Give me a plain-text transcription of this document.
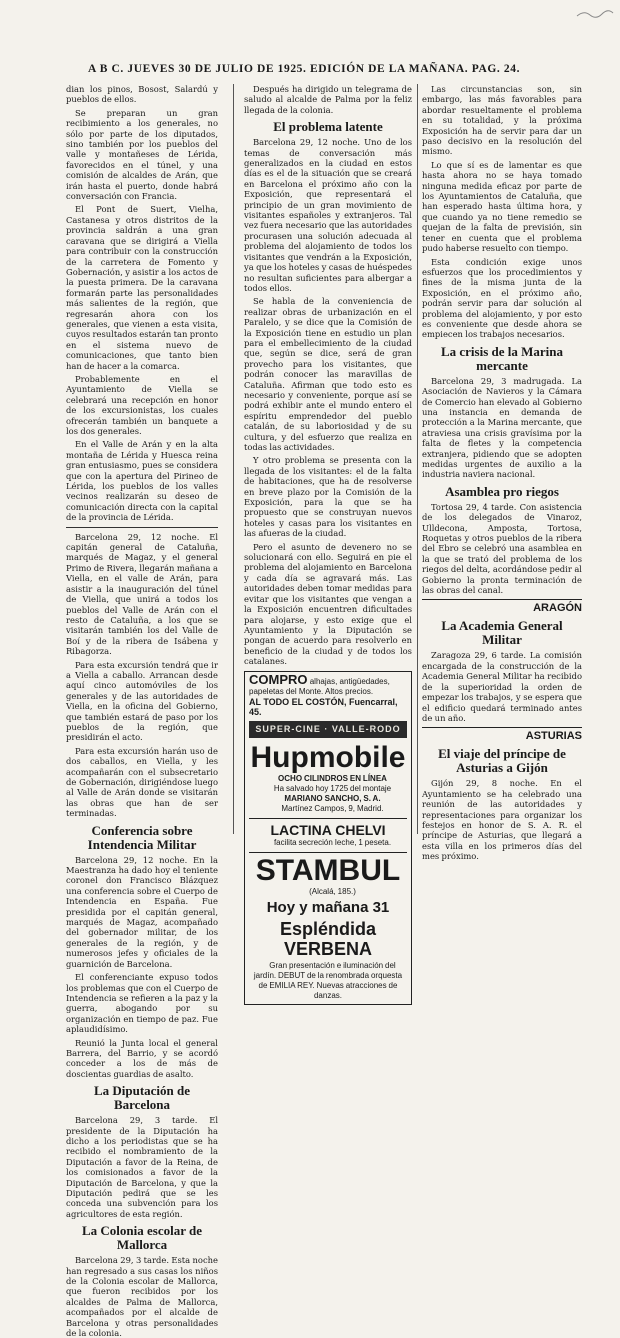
A B C. JUEVES 30 DE JULIO DE 1925. EDICIÓN DE LA MAÑANA. PAG. 24.

dian los pinos, Bosost, Salardú y pueblos de ellos.

Se preparan un gran recibimiento a los generales, no sólo por parte de los diputados, sino también por los pueblos del valle y montañeses de Lérida, favorecidos en el túnel, y una comisión de alcaldes de Arán, que irán hasta el puerto, donde habrá conversación con Francia.

El Pont de Suert, Vielha, Castanesa y otros distritos de la provincia saldrán a una gran caravana que se dirigirá a Viella para contribuir con la construcción de la carretera de Fomento y Gobernación, y asistir a los actos de la puesta primera. De la caravana formarán parte las personalidades más salientes de la región, que regresarán ahora con los generales, que vienen a esta visita, cuyos resultados estarán tan pronto en el sistema nuevo de comunicaciones, que tanto bien han de hacer a la comarca.

Probablemente en el Ayuntamiento de Viella se celebrará una recepción en honor de los excursionistas, los cuales ofrecerán también un banquete a los dos generales.

En el Valle de Arán y en la alta montaña de Lérida y Huesca reina gran entusiasmo, pues se considera que con la apertura del Pirineo de Lérida, los pueblos de los valles vecinos realizarán su deseo de comunicación directa con la capital de la provincia de Lérida.

Barcelona 29, 12 noche. El capitán general de Cataluña, marqués de Magaz, y el general Primo de Rivera, llegarán mañana a Viella, en el valle de Arán, para asistir a la inauguración del túnel de Viella, que unirá a todos los pueblos del Valle de Arán con el resto de Cataluña, a los que se visitarán también los del Valle de Boí y de la ribera de Isábena y Ribagorza.

Para esta excursión tendrá que ir a Viella a caballo. Arrancan desde aquí cinco automóviles de los generales y de las autoridades de Viella, en la oficina del Gobierno, que también estará de paso por los pueblos de la región, que presidirán el acto.

Para esta excursión harán uso de dos caballos, en Viella, y les acompañarán con el subsecretario de Gobernación, dirigiéndose luego al Valle de Arán donde se visitarán las obras que han de ser terminadas.

Conferencia sobre Intendencia Militar

Barcelona 29, 12 noche. En la Maestranza ha dado hoy el teniente coronel don Francisco Blázquez una conferencia sobre el Cuerpo de Intendencia en España. Fue presidida por el capitán general, marqués de Magaz, acompañado del gobernador militar, de los generales de la región, y de numerosos jefes y oficiales de la guarnición de Barcelona.

El conferenciante expuso todos los problemas que con el Cuerpo de Intendencia se refieren a la paz y la guerra, abogando por su organización en tiempo de paz. Fue aplaudidísimo.

Reunió la Junta local el general Barrera, del Barrio, y se acordó conceder a los de más de doscientas guardias de asalto.

La Diputación de Barcelona

Barcelona 29, 3 tarde. El presidente de la Diputación ha dicho a los periodistas que se ha recibido el nombramiento de la Diputación a favor de la Reina, de los comisionados a favor de la Diputación de Barcelona, y que la Diputación pedirá que se les conceda una subvención para los agricultores de esta región.

La Colonia escolar de Mallorca

Barcelona 29, 3 tarde. Esta noche han regresado a sus casas los niños de la Colonia escolar de Mallorca, que fueron recibidos por los alcaldes de Palma de Mallorca, acompañados por el alcalde de Barcelona y otras personalidades de la colonia.

Después ha dirigido un telegrama de saludo al alcalde de Palma por la feliz llegada de la colonia.

El problema latente

Barcelona 29, 12 noche. Uno de los temas de conversación más generalizados en la ciudad en estos días es el de la situación que se creará en Barcelona el próximo año con la Exposición, que representará el principio de un gran movimiento de visitantes españoles y extranjeros. Tal vez fuera necesario que las autoridades procurasen una solución adecuada al problema del alojamiento de todos los visitantes que vendrán a la Exposición, ya que los hoteles y casas de huéspedes no resultan suficientes para albergar a todos ellos.

Se habla de la conveniencia de realizar obras de urbanización en el Paralelo, y se dice que la Comisión de la Exposición tiene en estudio un plan para el embellecimiento de la ciudad que, según se dice, será de gran provecho para los visitantes, que podrán conocer las maravillas de Cataluña. Afirman que todo esto es necesario y conveniente, porque así se podrá exhibir ante el mundo entero el espíritu emprendedor del pueblo catalán, de su laboriosidad y de su cultura, y del esfuerzo que realiza en todas las actividades.

Y otro problema se presenta con la llegada de los visitantes: el de la falta de habitaciones, que ha de resolverse en breve plazo por la Comisión de la Exposición, para la que se ha propuesto que se construyan nuevos hoteles y casas para los visitantes en las afueras de la ciudad.

Pero el asunto de devenero no se solucionará con ello. Seguirá en pie el problema del alojamiento en Barcelona y cada día se agravará más. Las autoridades deben tomar medidas para evitar que los visitantes que vengan a la Exposición encuentren dificultades para alojarse, y esto exige que el Ayuntamiento y la Diputación se pongan de acuerdo para resolverlo en beneficio de la ciudad y de todos los catalanes.

COMPRO alhajas, antigüedades, papeletas del Monte. Altos precios.
AL TODO EL COSTÓN, Fuencarral, 45.
SUPER-CINE · VALLE-RODO
Hupmobile

OCHO CILINDROS EN LÍNEA

Ha salvado hoy 1725 del montaje

MARIANO SANCHO, S. A.

Martínez Campos, 9, Madrid.

LACTINA CHELVI

facilita secreción Ieche, 1 peseta.

STAMBUL

(Alcalá, 185.)

Hoy y mañana 31
Espléndida VERBENA

Gran presentación e iluminación del jardín. DEBUT de la renombrada orquesta de EMILIA REY. Nuevas atracciones de danzas.

Las circunstancias son, sin embargo, las más favorables para abordar resueltamente el problema en su totalidad, y la próxima Exposición ha de servir para dar un paso decisivo en la resolución del mismo.

Lo que sí es de lamentar es que hasta ahora no se haya tomado ninguna medida eficaz por parte de los Ayuntamientos de Cataluña, que han esperado hasta última hora, y que cuando ya no tiene remedio se quejan de la falta de previsión, sin tener en cuenta que el problema pudo haberse resuelto con tiempo.

Esta condición exige unos esfuerzos que los procedimientos y fines de la misma junta de la Exposición, en el próximo año, podrán servir para dar solución al problema del alojamiento, y por esto es conveniente que desde ahora se empiecen los trabajos necesarios.

La crisis de la Marina mercante

Barcelona 29, 3 madrugada. La Asociación de Navieros y la Cámara de Comercio han elevado al Gobierno una instancia en demanda de protección a la Marina mercante, que atraviesa una crisis gravísima por la falta de fletes y la competencia extranjera, pidiendo que se adopten medidas urgentes de auxilio a la industria naviera nacional.

Asamblea pro riegos

Tortosa 29, 4 tarde. Con asistencia de los delegados de Vinaroz, Ulldecona, Amposta, Tortosa, Roquetas y otros pueblos de la ribera del Ebro se celebró una asamblea en la que se trató del problema de los riegos del delta, acordándose pedir al Gobierno la pronta terminación de las obras del canal.

ARAGÓN
La Academia General Militar

Zaragoza 29, 6 tarde. La comisión encargada de la construcción de la Academia General Militar ha recibido de la superioridad la orden de empezar los trabajos, y se espera que el edificio quedará terminado antes de un año.

ASTURIAS
El viaje del príncipe de Asturias a Gijón

Gijón 29, 8 noche. En el Ayuntamiento se ha celebrado una reunión de las autoridades y representaciones para organizar los festejos en honor de S. A. R. el príncipe de Asturias, que llegará a esta villa en los primeros días del mes próximo.
